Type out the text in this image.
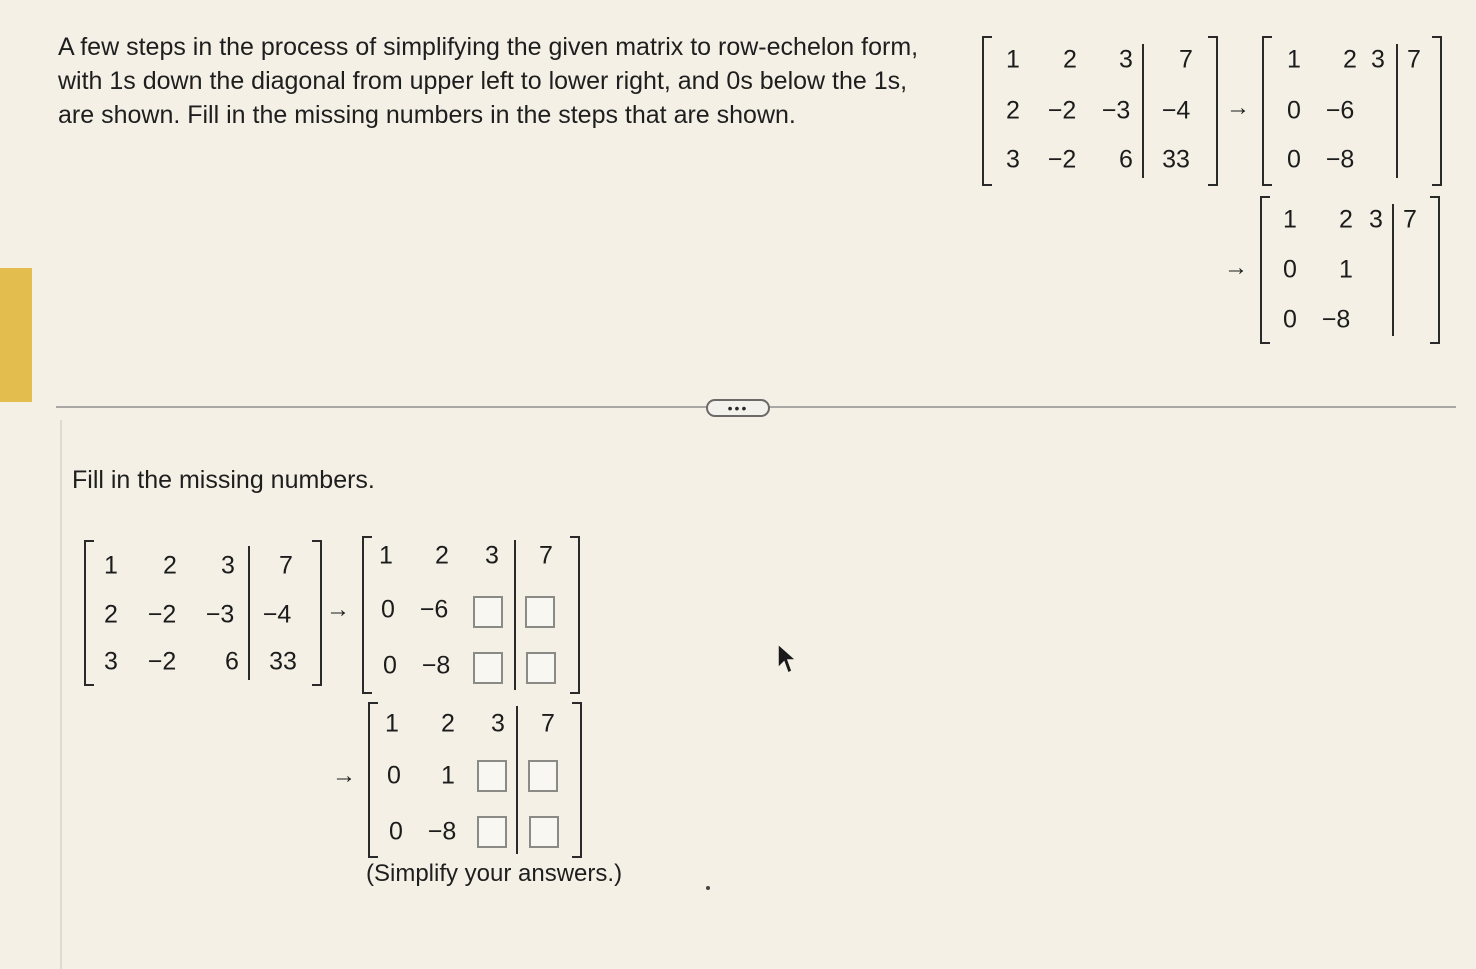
A few steps in the process of simplifying the given matrix to row-echelon form,
with 1s down the diagonal from upper left to lower right, and 0s below the 1s,
are shown. Fill in the missing numbers in the steps that are shown.
1 2 3 7
2 −2 −3 −4
3 −2 6 33
→
1 2 3 7
0 −6
0 −8
→
1 2 3 7
0 1
0 −8
•••
Fill in the missing numbers.
1 2 3 7
2 −2 −3 −4
3 −2 6 33
→
1 2 3 7
0 −6
0 −8
→
1 2 3 7
0 1
0 −8
(Simplify your answers.)
